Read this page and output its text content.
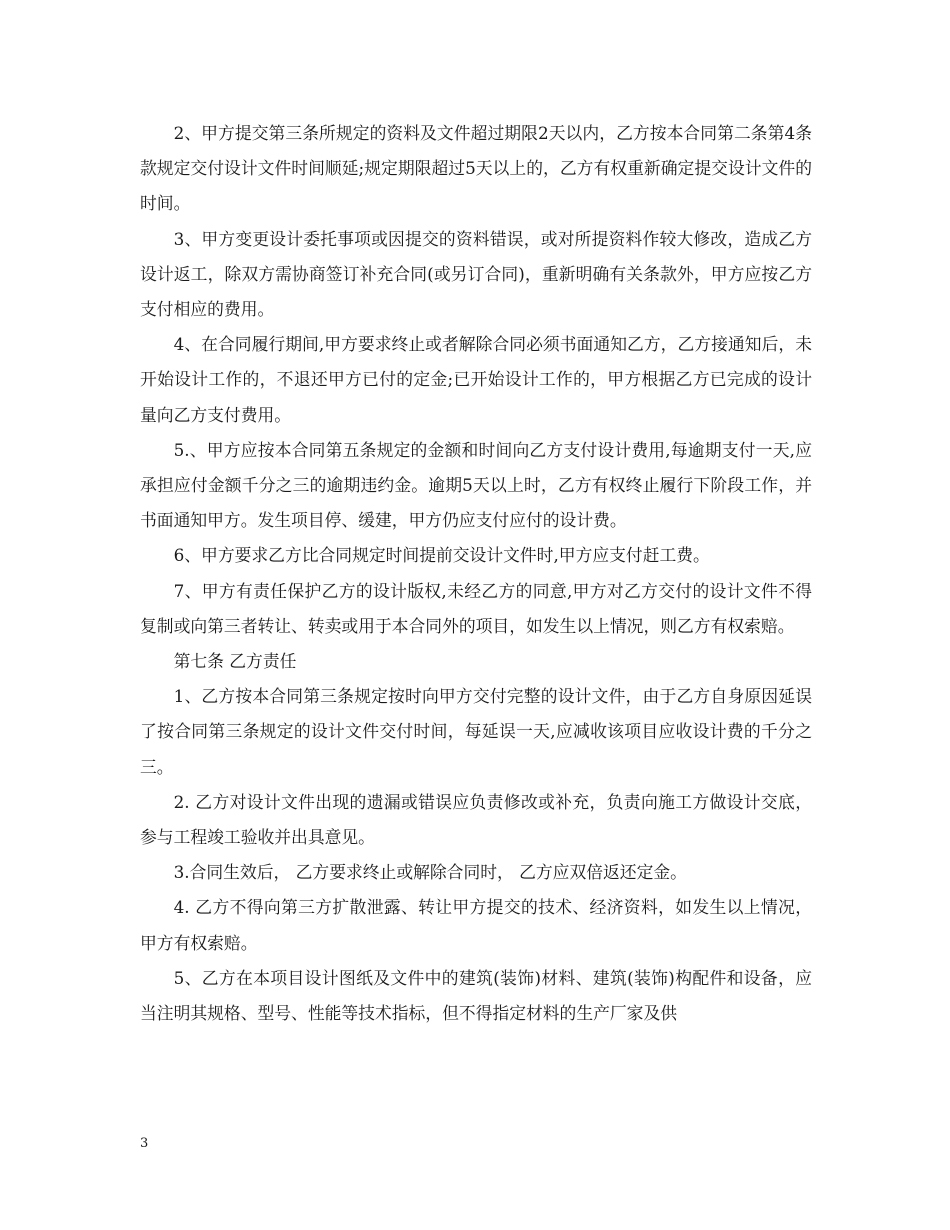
2、甲方提交第三条所规定的资料及文件超过期限2天以内，乙方按本合同第二条第4条款规定交付设计文件时间顺延;规定期限超过5天以上的，乙方有权重新确定提交设计文件的时间。

3、甲方变更设计委托事项或因提交的资料错误，或对所提资料作较大修改，造成乙方设计返工，除双方需协商签订补充合同(或另订合同)，重新明确有关条款外，甲方应按乙方支付相应的费用。

4、在合同履行期间,甲方要求终止或者解除合同必须书面通知乙方，乙方接通知后，未开始设计工作的，不退还甲方已付的定金;已开始设计工作的，甲方根据乙方已完成的设计量向乙方支付费用。

5.、甲方应按本合同第五条规定的金额和时间向乙方支付设计费用,每逾期支付一天,应承担应付金额千分之三的逾期违约金。逾期5天以上时，乙方有权终止履行下阶段工作，并书面通知甲方。发生项目停、缓建，甲方仍应支付应付的设计费。

6、甲方要求乙方比合同规定时间提前交设计文件时,甲方应支付赶工费。

7、甲方有责任保护乙方的设计版权,未经乙方的同意,甲方对乙方交付的设计文件不得复制或向第三者转让、转卖或用于本合同外的项目，如发生以上情况，则乙方有权索赔。

第七条 乙方责任

1、乙方按本合同第三条规定按时向甲方交付完整的设计文件，由于乙方自身原因延误了按合同第三条规定的设计文件交付时间，每延误一天,应减收该项目应收设计费的千分之三。

2. 乙方对设计文件出现的遗漏或错误应负责修改或补充，负责向施工方做设计交底，参与工程竣工验收并出具意见。

3.合同生效后， 乙方要求终止或解除合同时， 乙方应双倍返还定金。

4. 乙方不得向第三方扩散泄露、转让甲方提交的技术、经济资料，如发生以上情况，甲方有权索赔。

5、乙方在本项目设计图纸及文件中的建筑(装饰)材料、建筑(装饰)构配件和设备，应当注明其规格、型号、性能等技术指标，但不得指定材料的生产厂家及供

3
